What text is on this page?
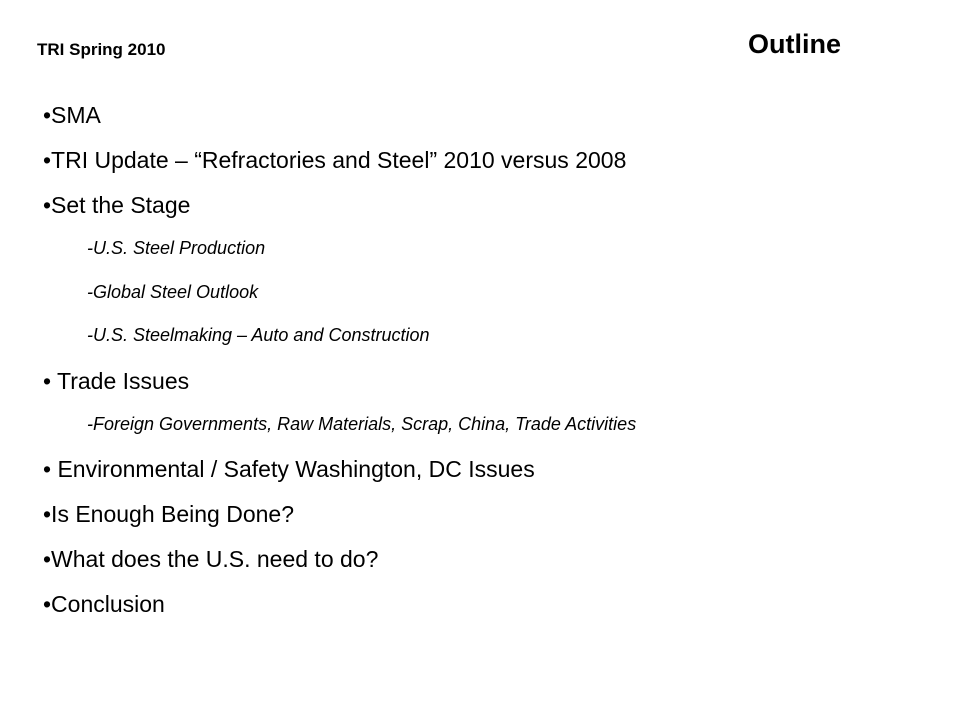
TRI Spring 2010	Outline
•SMA
•TRI Update – “Refractories and Steel” 2010 versus 2008
•Set the Stage
-U.S. Steel Production
-Global Steel Outlook
-U.S. Steelmaking – Auto and Construction
• Trade Issues
-Foreign Governments, Raw Materials, Scrap, China, Trade Activities
• Environmental / Safety Washington, DC Issues
•Is Enough Being Done?
•What does the U.S. need to do?
•Conclusion
